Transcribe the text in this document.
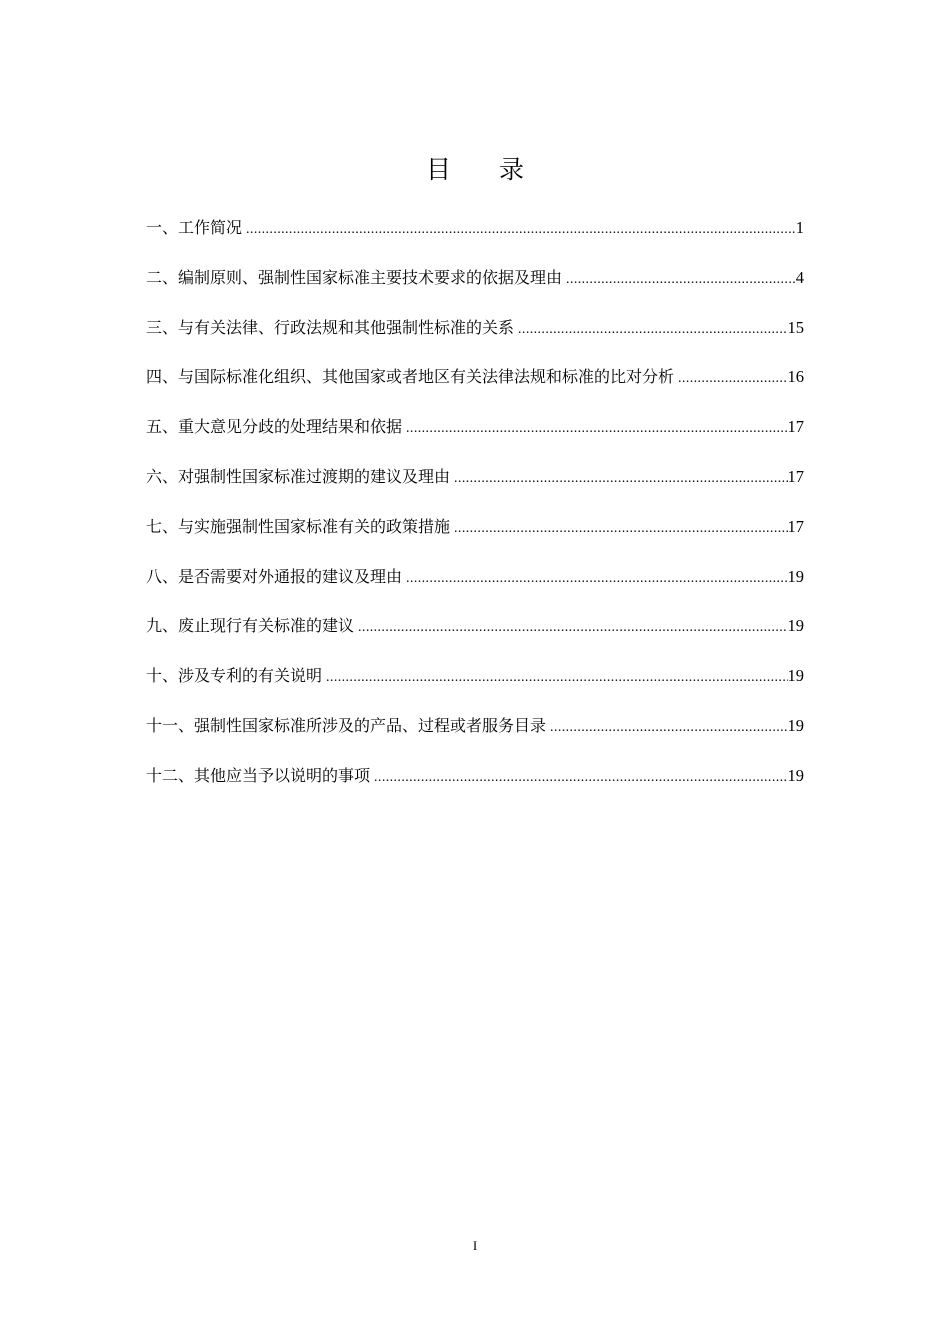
目录
一、工作简况 .....	1
二、编制原则、强制性国家标准主要技术要求的依据及理由 .....	4
三、与有关法律、行政法规和其他强制性标准的关系 .....	15
四、与国际标准化组织、其他国家或者地区有关法律法规和标准的比对分析 .....	16
五、重大意见分歧的处理结果和依据 .....	17
六、对强制性国家标准过渡期的建议及理由 .....	17
七、与实施强制性国家标准有关的政策措施 .....	17
八、是否需要对外通报的建议及理由 .....	19
九、废止现行有关标准的建议 .....	19
十、涉及专利的有关说明 .....	19
十一、强制性国家标准所涉及的产品、过程或者服务目录 .....	19
十二、其他应当予以说明的事项 .....	19
I
